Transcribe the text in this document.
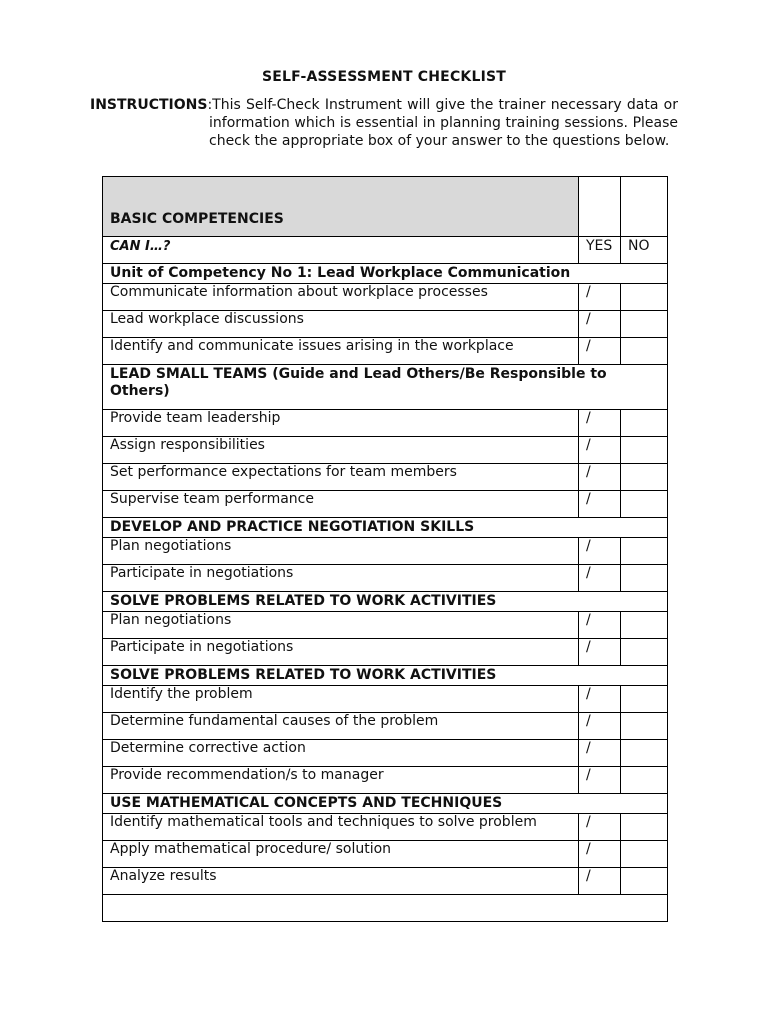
SELF-ASSESSMENT CHECKLIST
INSTRUCTIONS: This Self-Check Instrument will give the trainer necessary data or information which is essential in planning training sessions. Please check the appropriate box of your answer to the questions below.
BASIC COMPETENCIES		
CAN I…?	YES	NO
Unit of Competency No 1: Lead Workplace Communication		
Communicate information about workplace processes	/	
Lead workplace discussions	/	
Identify and communicate issues arising in the workplace	/	
LEAD SMALL TEAMS (Guide and Lead Others/Be Responsible to Others)		
Provide team leadership	/	
Assign responsibilities	/	
Set performance expectations for team members	/	
Supervise team performance	/	
DEVELOP AND PRACTICE NEGOTIATION SKILLS		
Plan negotiations	/	
Participate in negotiations	/	
SOLVE PROBLEMS RELATED TO WORK ACTIVITIES		
Plan negotiations	/	
Participate in negotiations	/	
SOLVE PROBLEMS RELATED TO WORK ACTIVITIES		
Identify the problem	/	
Determine fundamental causes of the problem	/	
Determine corrective action	/	
Provide recommendation/s to manager	/	
USE MATHEMATICAL CONCEPTS AND TECHNIQUES		
Identify mathematical tools and techniques to solve problem	/	
Apply mathematical procedure/ solution	/	
Analyze results	/	
